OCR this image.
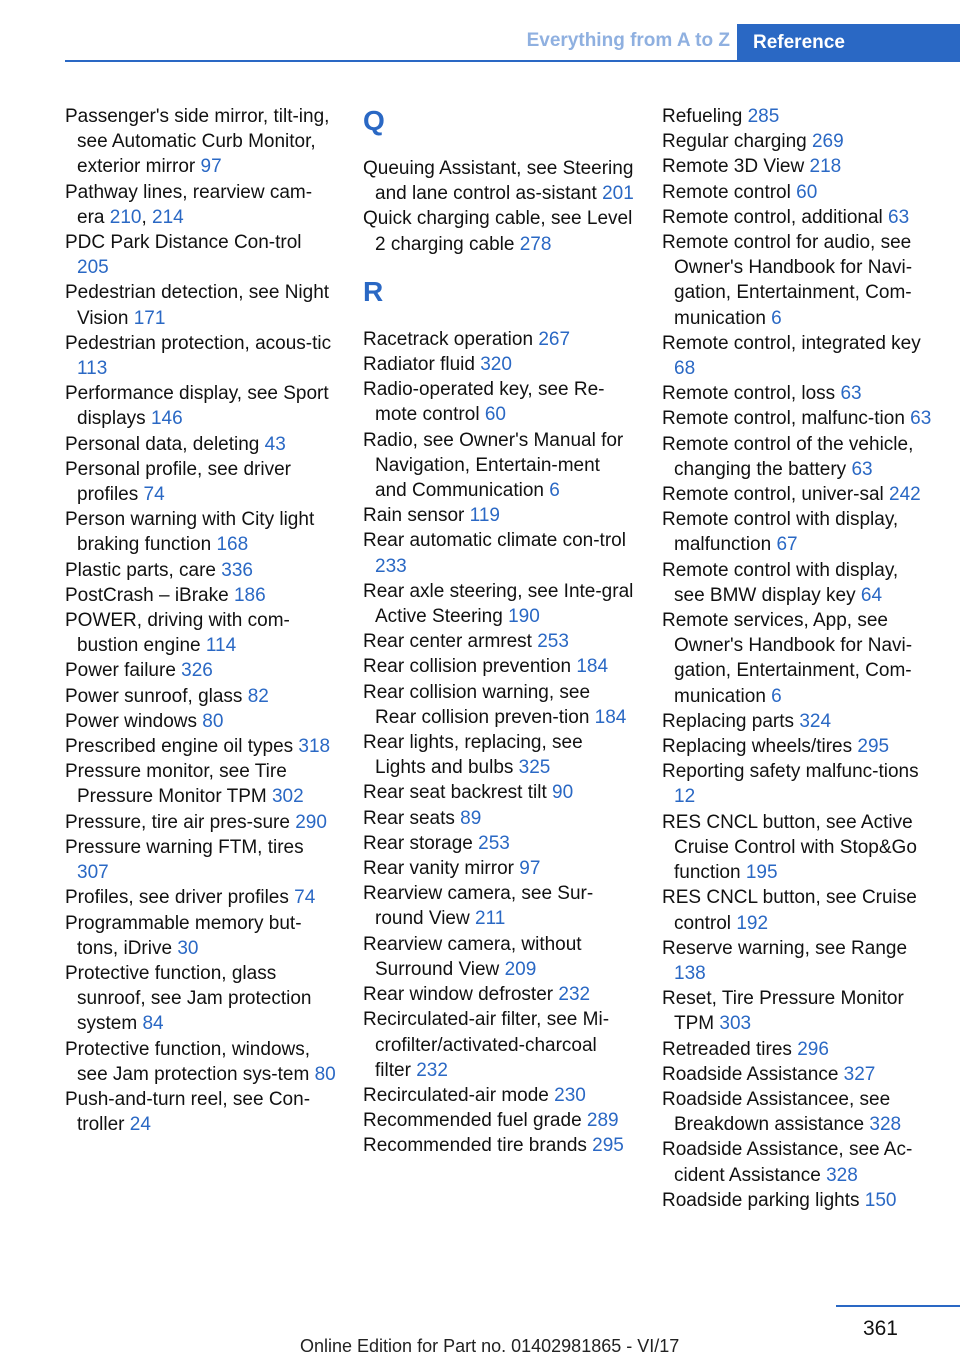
Everything from A to Z	Reference

Passenger's side mirror, tilt-ing, see Automatic Curb Monitor, exterior mirror 97

Pathway lines, rearview cam-era 210, 214

PDC Park Distance Con-trol 205

Pedestrian detection, see Night Vision 171

Pedestrian protection, acous-tic 113

Performance display, see Sport displays 146

Personal data, deleting 43

Personal profile, see driver profiles 74

Person warning with City light braking function 168

Plastic parts, care 336

PostCrash – iBrake 186

POWER, driving with com-bustion engine 114

Power failure 326

Power sunroof, glass 82

Power windows 80

Prescribed engine oil types 318

Pressure monitor, see Tire Pressure Monitor TPM 302

Pressure, tire air pres-sure 290

Pressure warning FTM, tires 307

Profiles, see driver profiles 74

Programmable memory but-tons, iDrive 30

Protective function, glass sunroof, see Jam protection system 84

Protective function, windows, see Jam protection sys-tem 80

Push-and-turn reel, see Con-troller 24

Q

Queuing Assistant, see Steering and lane control as-sistant 201

Quick charging cable, see Level 2 charging cable 278

R

Racetrack operation 267

Radiator fluid 320

Radio-operated key, see Re-mote control 60

Radio, see Owner's Manual for Navigation, Entertain-ment and Communication 6

Rain sensor 119

Rear automatic climate con-trol 233

Rear axle steering, see Inte-gral Active Steering 190

Rear center armrest 253

Rear collision prevention 184

Rear collision warning, see Rear collision preven-tion 184

Rear lights, replacing, see Lights and bulbs 325

Rear seat backrest tilt 90

Rear seats 89

Rear storage 253

Rear vanity mirror 97

Rearview camera, see Sur-round View 211

Rearview camera, without Surround View 209

Rear window defroster 232

Recirculated-air filter, see Mi-crofilter/activated-charcoal filter 232

Recirculated-air mode 230

Recommended fuel grade 289

Recommended tire brands 295

Refueling 285

Regular charging 269

Remote 3D View 218

Remote control 60

Remote control, additional 63

Remote control for audio, see Owner's Handbook for Navi-gation, Entertainment, Com-munication 6

Remote control, integrated key 68

Remote control, loss 63

Remote control, malfunc-tion 63

Remote control of the vehicle, changing the battery 63

Remote control, univer-sal 242

Remote control with display, malfunction 67

Remote control with display, see BMW display key 64

Remote services, App, see Owner's Handbook for Navi-gation, Entertainment, Com-munication 6

Replacing parts 324

Replacing wheels/tires 295

Reporting safety malfunc-tions 12

RES CNCL button, see Active Cruise Control with Stop&Go function 195

RES CNCL button, see Cruise control 192

Reserve warning, see Range 138

Reset, Tire Pressure Monitor TPM 303

Retreaded tires 296

Roadside Assistance 327

Roadside Assistancee, see Breakdown assistance 328

Roadside Assistance, see Ac-cident Assistance 328

Roadside parking lights 150

361
Online Edition for Part no. 01402981865 - VI/17
